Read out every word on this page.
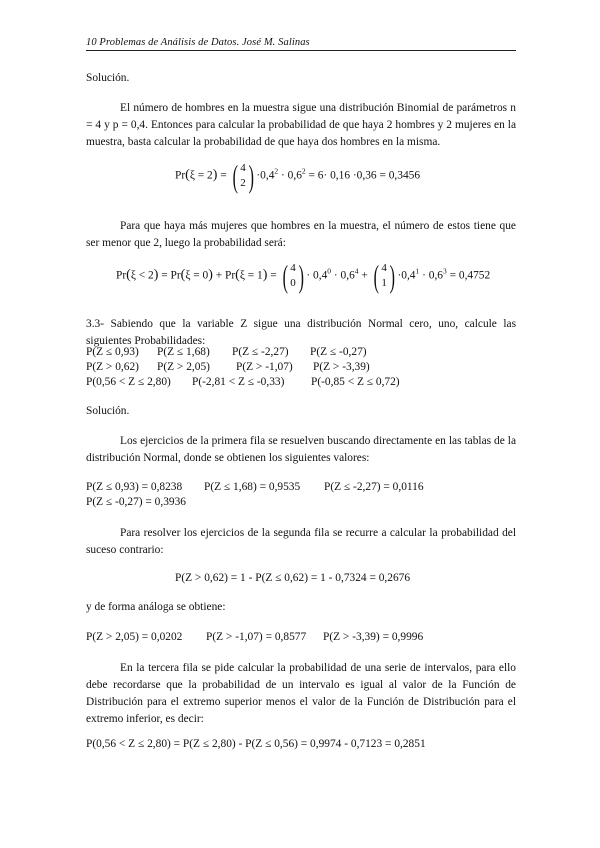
10 Problemas de Análisis de Datos. José M. Salinas
Solución.
El número de hombres en la muestra sigue una distribución Binomial de parámetros n = 4 y p = 0,4. Entonces para calcular la probabilidad de que haya 2 hombres y 2 mujeres en la muestra, basta calcular la probabilidad de que haya dos hombres en la misma.
Pr(ξ = 2) = ( 4
2 ) $\cdot 0,4^2 \cdot 0,6^2 = 6\cdot 0,16 \cdot 0,36 = 0,3456$
Para que haya más mujeres que hombres en la muestra, el número de estos tiene que ser menor que 2, luego la probabilidad será:
Pr(ξ < 2) = Pr(ξ = 0) + Pr(ξ = 1) = ( 4
0 ) · $0,4^0 \cdot 0,6^4$ + ( 4
1 ) $\cdot 0,4^1 \cdot 0,6^3 = 0,4752$
3.3- Sabiendo que la variable Z sigue una distribución Normal cero, uno, calcule las siguientes Probabilidades:
P(Z ≤ 0,93) P(Z ≤ 1,68) P(Z ≤ -2,27) P(Z ≤ -0,27)
P(Z > 0,62) P(Z > 2,05) P(Z > -1,07) P(Z > -3,39)
P(0,56 < Z ≤ 2,80) P(-2,81 < Z ≤ -0,33) P(-0,85 < Z ≤ 0,72)
Solución.
Los ejercicios de la primera fila se resuelven buscando directamente en las tablas de la distribución Normal, donde se obtienen los siguientes valores:
P(Z ≤ 0,93) = 0,8238 P(Z ≤ 1,68) = 0,9535 P(Z ≤ -2,27) = 0,0116
P(Z ≤ -0,27) = 0,3936
Para resolver los ejercicios de la segunda fila se recurre a calcular la probabilidad del suceso contrario:
P(Z > 0,62) = 1 - P(Z ≤ 0,62) = 1 - 0,7324 = 0,2676
y de forma análoga se obtiene:
P(Z > 2,05) = 0,0202 P(Z > -1,07) = 0,8577 P(Z > -3,39) = 0,9996
En la tercera fila se pide calcular la probabilidad de una serie de intervalos, para ello debe recordarse que la probabilidad de un intervalo es igual al valor de la Función de Distribución para el extremo superior menos el valor de la Función de Distribución para el extremo inferior, es decir:
P(0,56 < Z ≤ 2,80) = P(Z ≤ 2,80) - P(Z ≤ 0,56) = 0,9974 - 0,7123 = 0,2851
